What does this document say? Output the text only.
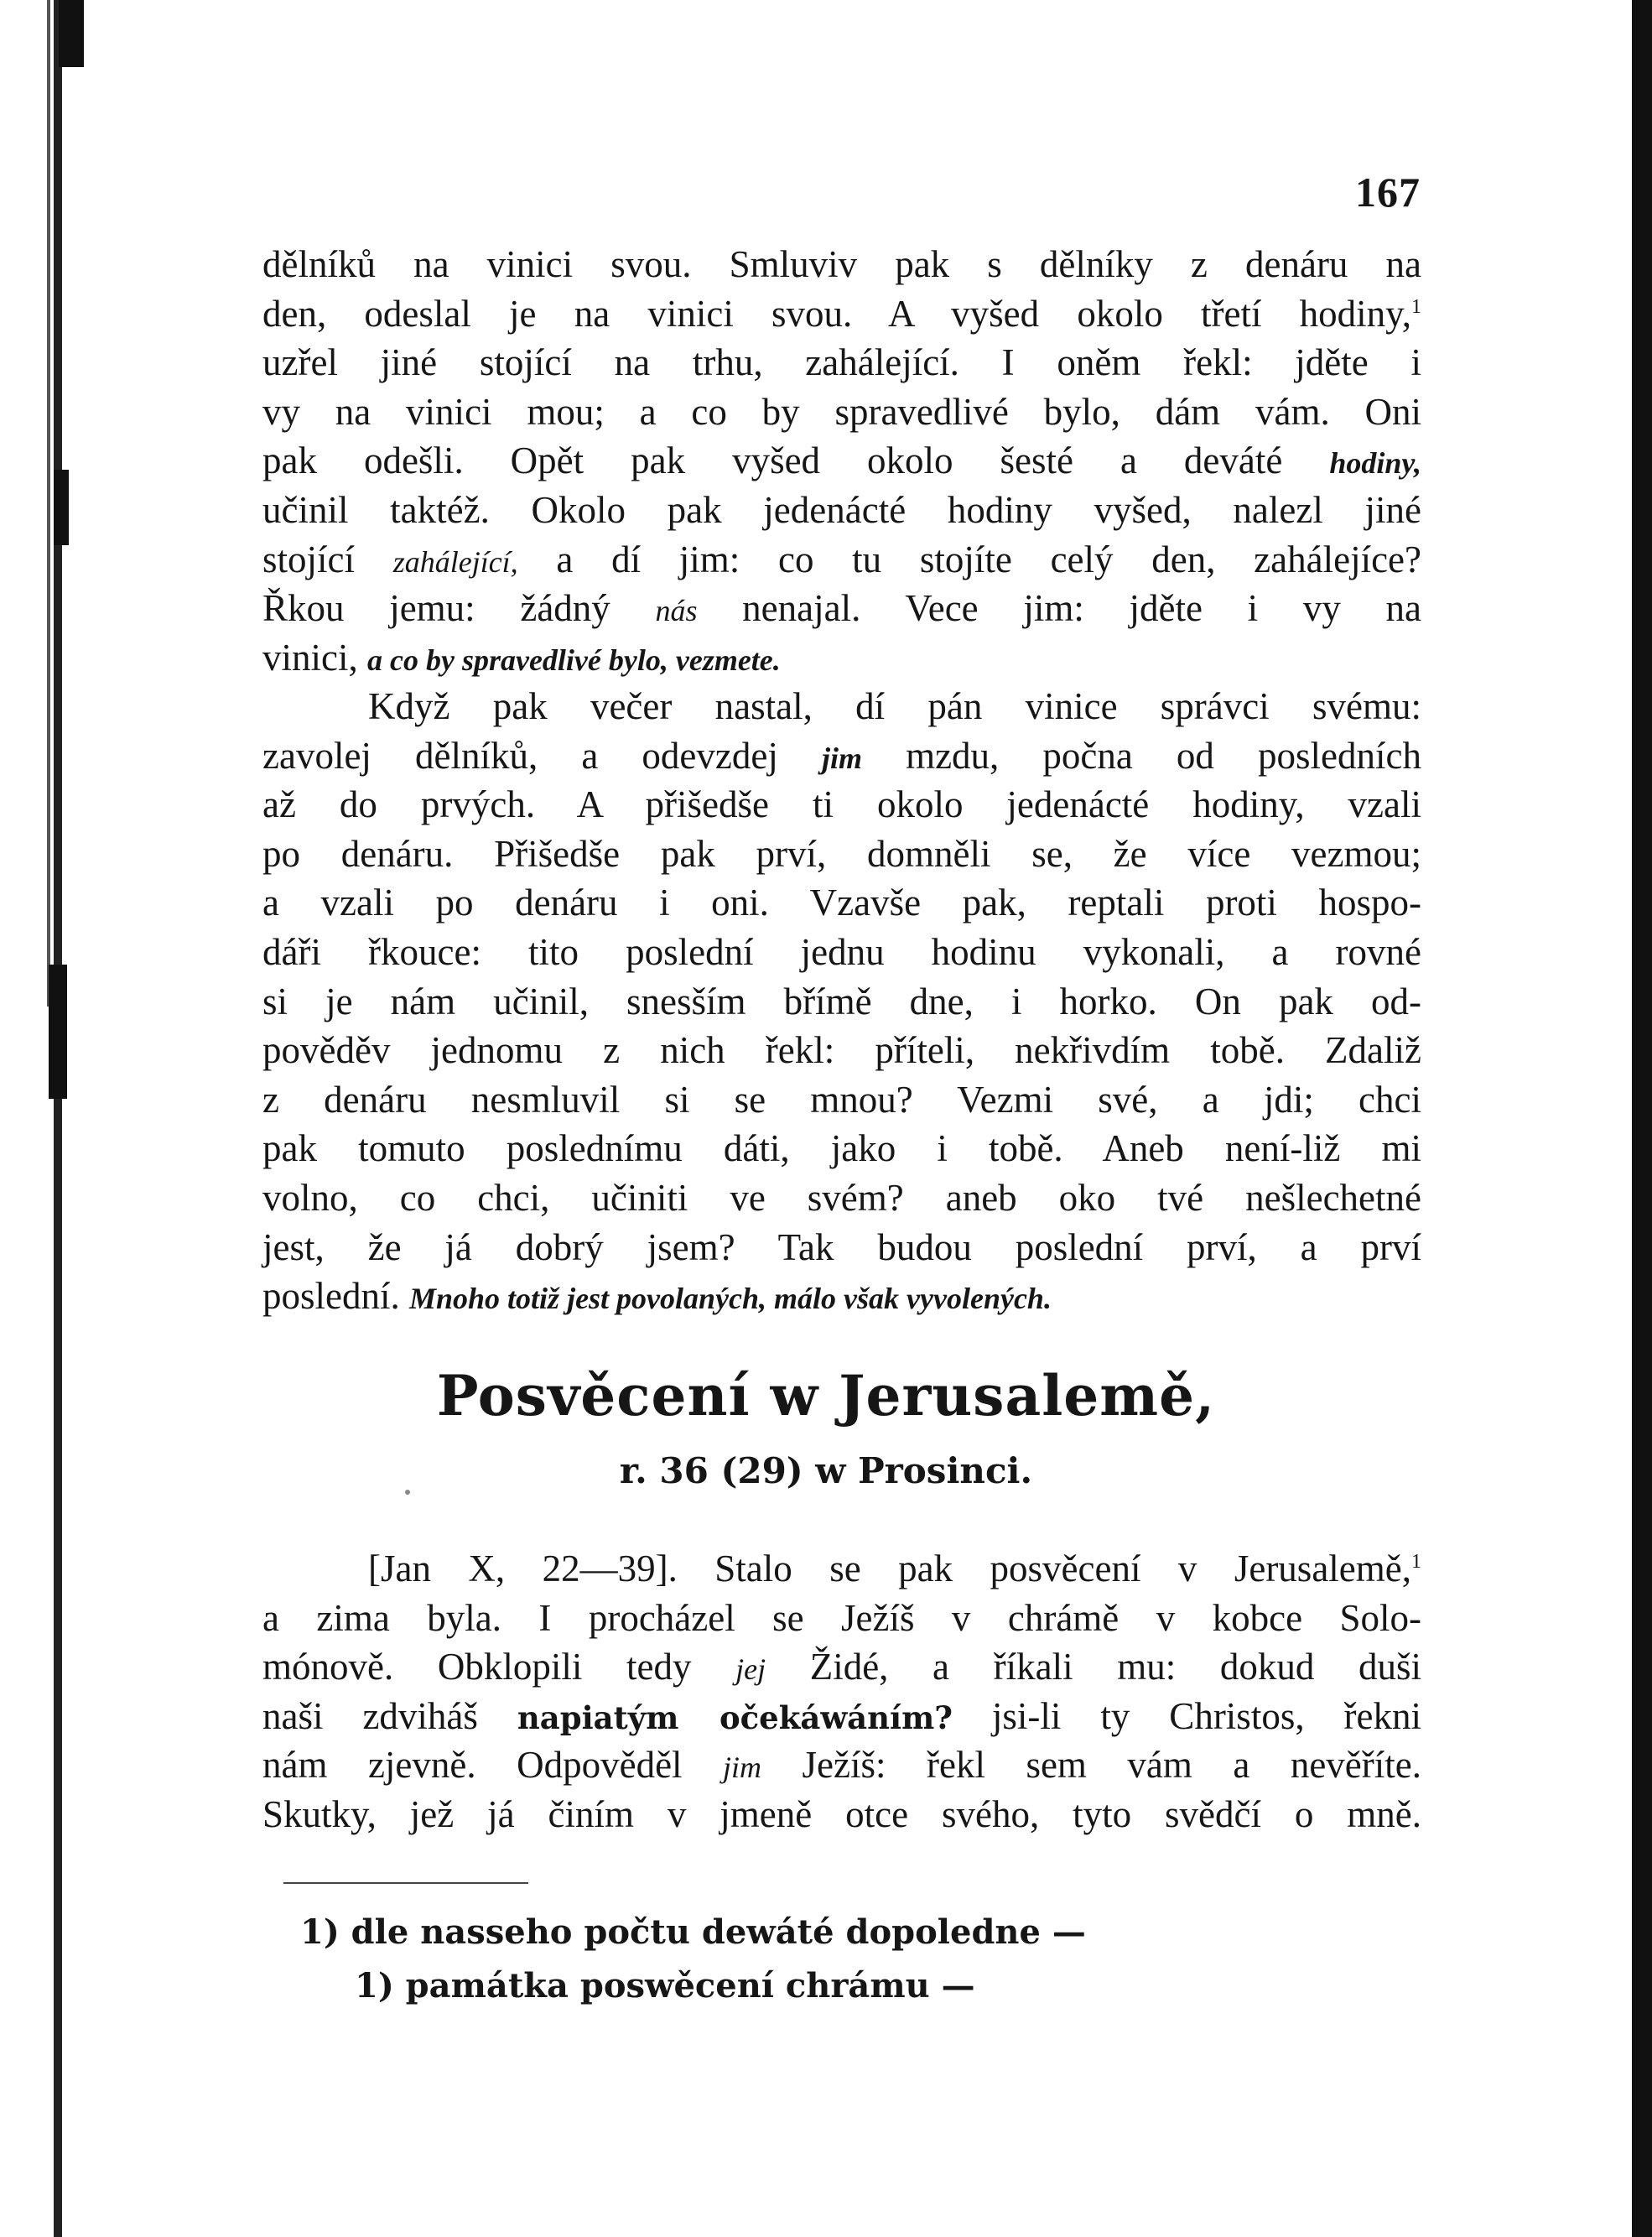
167
dělníků na vinici svou. Smluviv pak s dělníky z denáru na
den, odeslal je na vinici svou. A vyšed okolo třetí hodiny,$^1$
uzřel jiné stojící na trhu, zahálející. I oněm řekl: jděte i
vy na vinici mou; a co by spravedlivé bylo, dám vám. Oni
pak odešli. Opět pak vyšed okolo šesté a deváté hodiny,
učinil taktéž. Okolo pak jedenácté hodiny vyšed, nalezl jiné
stojící zahálející, a dí jim: co tu stojíte celý den, zahálejíce?
Řkou jemu: žádný nás nenajal. Vece jim: jděte i vy na
vinici, a co by spravedlivé bylo, vezmete.
Když pak večer nastal, dí pán vinice správci svému:
zavolej dělníků, a odevzdej jim mzdu, počna od posledních
až do prvých. A přišedše ti okolo jedenácté hodiny, vzali
po denáru. Přišedše pak prví, domněli se, že více vezmou;
a vzali po denáru i oni. Vzavše pak, reptali proti hospo-
dáři řkouce: tito poslední jednu hodinu vykonali, a rovné
si je nám učinil, snesším břímě dne, i horko. On pak od-
pověděv jednomu z nich řekl: příteli, nekřivdím tobě. Zdaliž
z denáru nesmluvil si se mnou? Vezmi své, a jdi; chci
pak tomuto poslednímu dáti, jako i tobě. Aneb není-liž mi
volno, co chci, učiniti ve svém? aneb oko tvé nešlechetné
jest, že já dobrý jsem? Tak budou poslední prví, a prví
poslední. Mnoho totiž jest povolaných, málo však vyvolených.
Posvěcení w Jerusalemě,
r. 36 (29) w Prosinci.
[Jan X, 22—39]. Stalo se pak posvěcení v Jerusalemě,$^1$
a zima byla. I procházel se Ježíš v chrámě v kobce Solo-
mónově. Obklopili tedy jej Židé, a říkali mu: dokud duši
naši zdviháš napiatým očekáwáním? jsi-li ty Christos, řekni
nám zjevně. Odpověděl jim Ježíš: řekl sem vám a nevěříte.
Skutky, jež já činím v jmeně otce svého, tyto svědčí o mně.
1) dle nasseho počtu dewáté dopoledne —
1) památka poswěcení chrámu —
